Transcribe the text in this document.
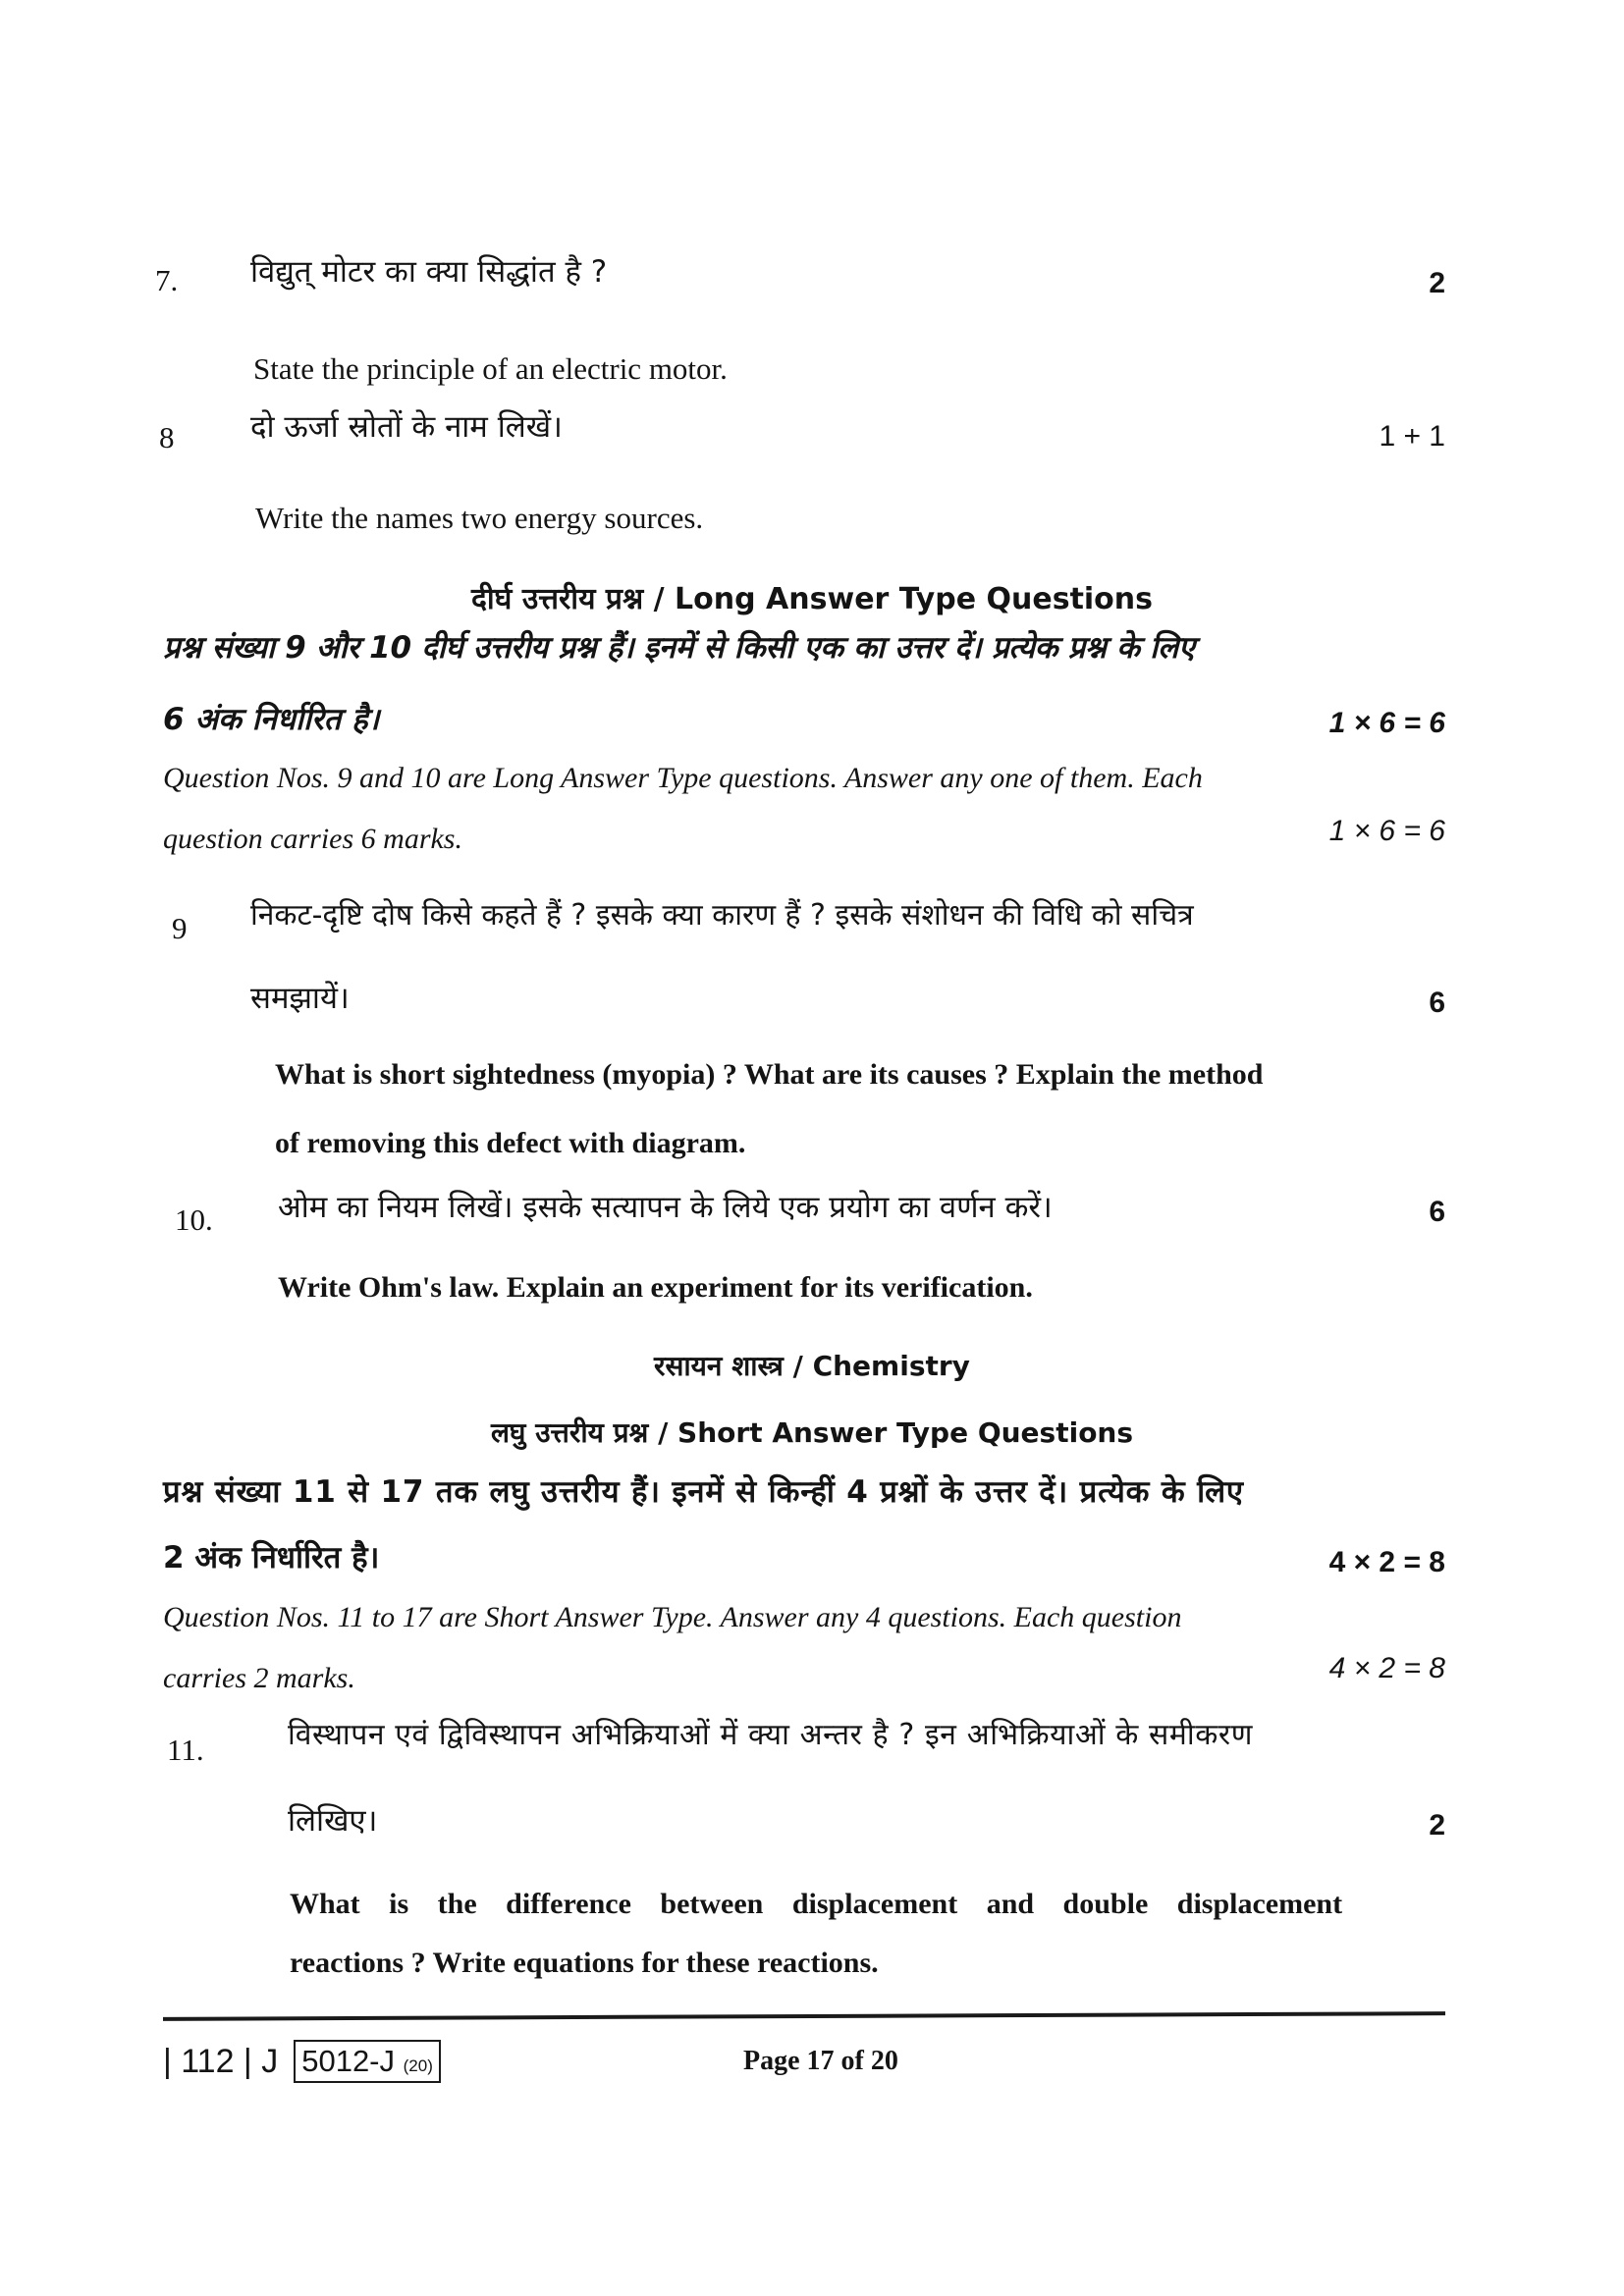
7. विद्युत् मोटर का क्या सिद्धांत है ?	2
State the principle of an electric motor.
8	दो ऊर्जा स्रोतों के नाम लिखें।	1 + 1
Write the names two energy sources.
दीर्घ उत्तरीय प्रश्न / Long Answer Type Questions
प्रश्न संख्या 9 और 10 दीर्घ उत्तरीय प्रश्न हैं। इनमें से किसी एक का उत्तर दें। प्रत्येक प्रश्न के लिए
6 अंक निर्धारित है।	1 × 6 = 6
Question Nos. 9 and 10 are Long Answer Type questions. Answer any one of them. Each
question carries 6 marks.	1 × 6 = 6
9 निकट-दृष्टि दोष किसे कहते हैं ? इसके क्या कारण हैं ? इसके संशोधन की विधि को सचित्र
समझायें।	6
What is short sightedness (myopia) ? What are its causes ? Explain the method
of removing this defect with diagram.
10. ओम का नियम लिखें। इसके सत्यापन के लिये एक प्रयोग का वर्णन करें।	6
Write Ohm's law. Explain an experiment for its verification.
रसायन शास्त्र / Chemistry
लघु उत्तरीय प्रश्न / Short Answer Type Questions
प्रश्न संख्या 11 से 17 तक लघु उत्तरीय हैं। इनमें से किन्हीं 4 प्रश्नों के उत्तर दें। प्रत्येक के लिए
2 अंक निर्धारित है।	4 × 2 = 8
Question Nos. 11 to 17 are Short Answer Type. Answer any 4 questions. Each question
carries 2 marks.	4 × 2 = 8
11.	विस्थापन एवं द्विविस्थापन अभिक्रियाओं में क्या अन्तर है ? इन अभिक्रियाओं के समीकरण
लिखिए।	2
What is the difference between displacement and double displacement
reactions ? Write equations for these reactions.
| 112 | J 5012-J (20)	Page 17 of 20
